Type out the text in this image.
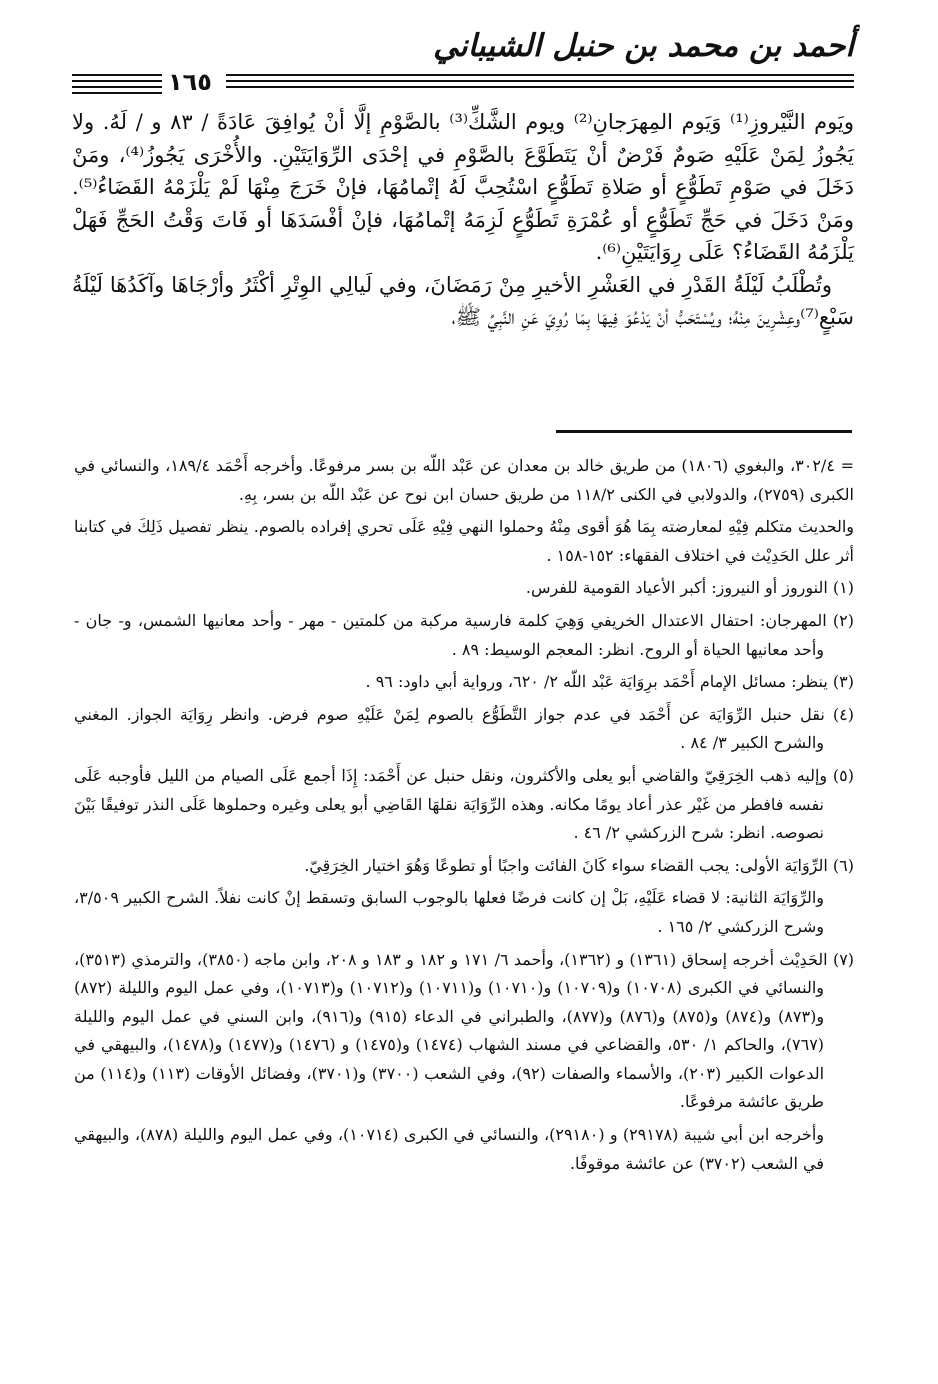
أحمد بن محمد بن حنبل الشيباني
١٦٥

ويَوم النَّيْروزِ⁽¹⁾ وَيَوم المِهرَجانِ⁽²⁾ ويوم الشَّكِّ⁽³⁾ بالصَّوْمِ إلَّا أنْ يُوافِقَ عَادَةً / ٨٣ و / لَهُ. ولا يَجُوزُ لِمَنْ عَلَيْهِ صَومٌ فَرْضٌ أنْ يَتَطَوَّعَ بالصَّوْمِ في إحْدَى الرِّوَايَتَيْنِ. والأُخْرَى يَجُوزُ⁽⁴⁾، ومَنْ دَخَلَ في صَوْمِ تَطَوُّعٍ أو صَلاةِ تَطَوُّعٍ اسْتُحِبَّ لَهُ إتْمامُهَا، فإنْ خَرَجَ مِنْهَا لَمْ يَلْزَمْهُ القَضَاءُ⁽⁵⁾. ومَنْ دَخَلَ في حَجِّ تَطَوُّعٍ أو عُمْرَةِ تَطَوُّعٍ لَزِمَهُ إتْمامُهَا، فإنْ أفْسَدَهَا أو فَاتَ وَقْتُ الحَجِّ فَهَلْ يَلْزَمُهُ القَضَاءُ؟ عَلَى رِوَايَتَيْنِ⁽⁶⁾.

وتُطْلَبُ لَيْلَةُ القَدْرِ في العَشْرِ الأخيرِ مِنْ رَمَضَانَ، وفي لَيالِي الوِتْرِ أكْثَرُ وأرْجَاهَا وآكَدُهَا لَيْلَةُ سَبْعٍ⁽⁷⁾وعِشْرِينَ مِنْهُ؛ ويُسْتَحَبُّ أنْ يَدْعُوَ فِيهَا بِمَا رُوِيَ عَنِ النَّبِيِّ ﷺ،

= ٣٠٢/٤، والبغوي (١٨٠٦) من طريق خالد بن معدان عن عَبْد اللّه بن بسر مرفوعًا. وأخرجه أَحْمَد ١٨٩/٤، والنسائي في الكبرى (٢٧٥٩)، والدولابي في الكنى ١١٨/٢ من طريق حسان ابن نوح عن عَبْد اللّه بن بسر، بِهِ.

والحديث متكلم فِيْهِ لمعارضته بِمَا هُوَ أقوى مِنْهُ وحملوا النهي فِيْهِ عَلَى تحري إفراده بالصوم. ينظر تفصيل ذَلِكَ في كتابنا أثر علل الحَدِيْث في اختلاف الفقهاء: ١٥٢-١٥٨ .

(١) النوروز أو النيروز: أكبر الأعياد القومية للفرس.

(٢) المهرجان: احتفال الاعتدال الخريفي وَهِيَ كلمة فارسية مركبة من كلمتين - مهر - وأحد معانيها الشمس، و- جان - وأحد معانيها الحياة أو الروح. انظر: المعجم الوسيط: ٨٩ .

(٣) ينظر: مسائل الإمام أَحْمَد برِوَايَة عَبْد اللّه ٢/ ٦٢٠، ورواية أبي داود: ٩٦ .

(٤) نقل حنبل الرِّوَايَة عن أَحْمَد في عدم جواز التَّطَوُّع بالصوم لِمَنْ عَلَيْهِ صوم فرض. وانظر رِوَايَة الجواز. المغني والشرح الكبير ٣/ ٨٤ .

(٥) وإليه ذهب الخِرَقِيّ والقاضي أبو يعلى والأكثرون، ونقل حنبل عن أَحْمَد: إِذَا أجمع عَلَى الصيام من الليل فأوجبه عَلَى نفسه فافطر من غَيْر عذر أعاد يومًا مكانه. وهذه الرِّوَايَة نقلهَا القَاضِي أبو يعلى وغيره وحملوها عَلَى النذر توفيقًا بَيْنَ نصوصه. انظر: شرح الزركشي ٢/ ٤٦ .

(٦) الرِّوَايَة الأولى: يجب القضاء سواء كَانَ الفائت واجبًا أو تطوعًا وَهُوَ اختيار الخِرَقِيّ.

والرِّوَايَة الثانية: لا قضاء عَلَيْهِ، بَلْ إن كانت فرضًا فعلها بالوجوب السابق وتسقط إنْ كانت نفلاً. الشرح الكبير ٣/٥٠٩، وشرح الزركشي ٢/ ١٦٥ .

(٧) الحَدِيْث أخرجه إسحاق (١٣٦١) و (١٣٦٢)، وأحمد ٦/ ١٧١ و ١٨٢ و ١٨٣ و ٢٠٨، وابن ماجه (٣٨٥٠)، والترمذي (٣٥١٣)، والنسائي في الكبرى (١٠٧٠٨) و(١٠٧٠٩) و(١٠٧١٠) و(١٠٧١١) و(١٠٧١٢) و(١٠٧١٣)، وفي عمل اليوم والليلة (٨٧٢) و(٨٧٣) و(٨٧٤) و(٨٧٥) و(٨٧٦) و(٨٧٧)، والطبراني في الدعاء (٩١٥) و(٩١٦)، وابن السني في عمل اليوم والليلة (٧٦٧)، والحاكم ١/ ٥٣٠، والقضاعي في مسند الشهاب (١٤٧٤) و(١٤٧٥) و (١٤٧٦) و(١٤٧٧) و(١٤٧٨)، والبيهقي في الدعوات الكبير (٢٠٣)، والأسماء والصفات (٩٢)، وفي الشعب (٣٧٠٠) و(٣٧٠١)، وفضائل الأوقات (١١٣) و(١١٤) من طريق عائشة مرفوعًا.

وأخرجه ابن أبي شيبة (٢٩١٧٨) و (٢٩١٨٠)، والنسائي في الكبرى (١٠٧١٤)، وفي عمل اليوم والليلة (٨٧٨)، والبيهقي في الشعب (٣٧٠٢) عن عائشة موقوفًا.
